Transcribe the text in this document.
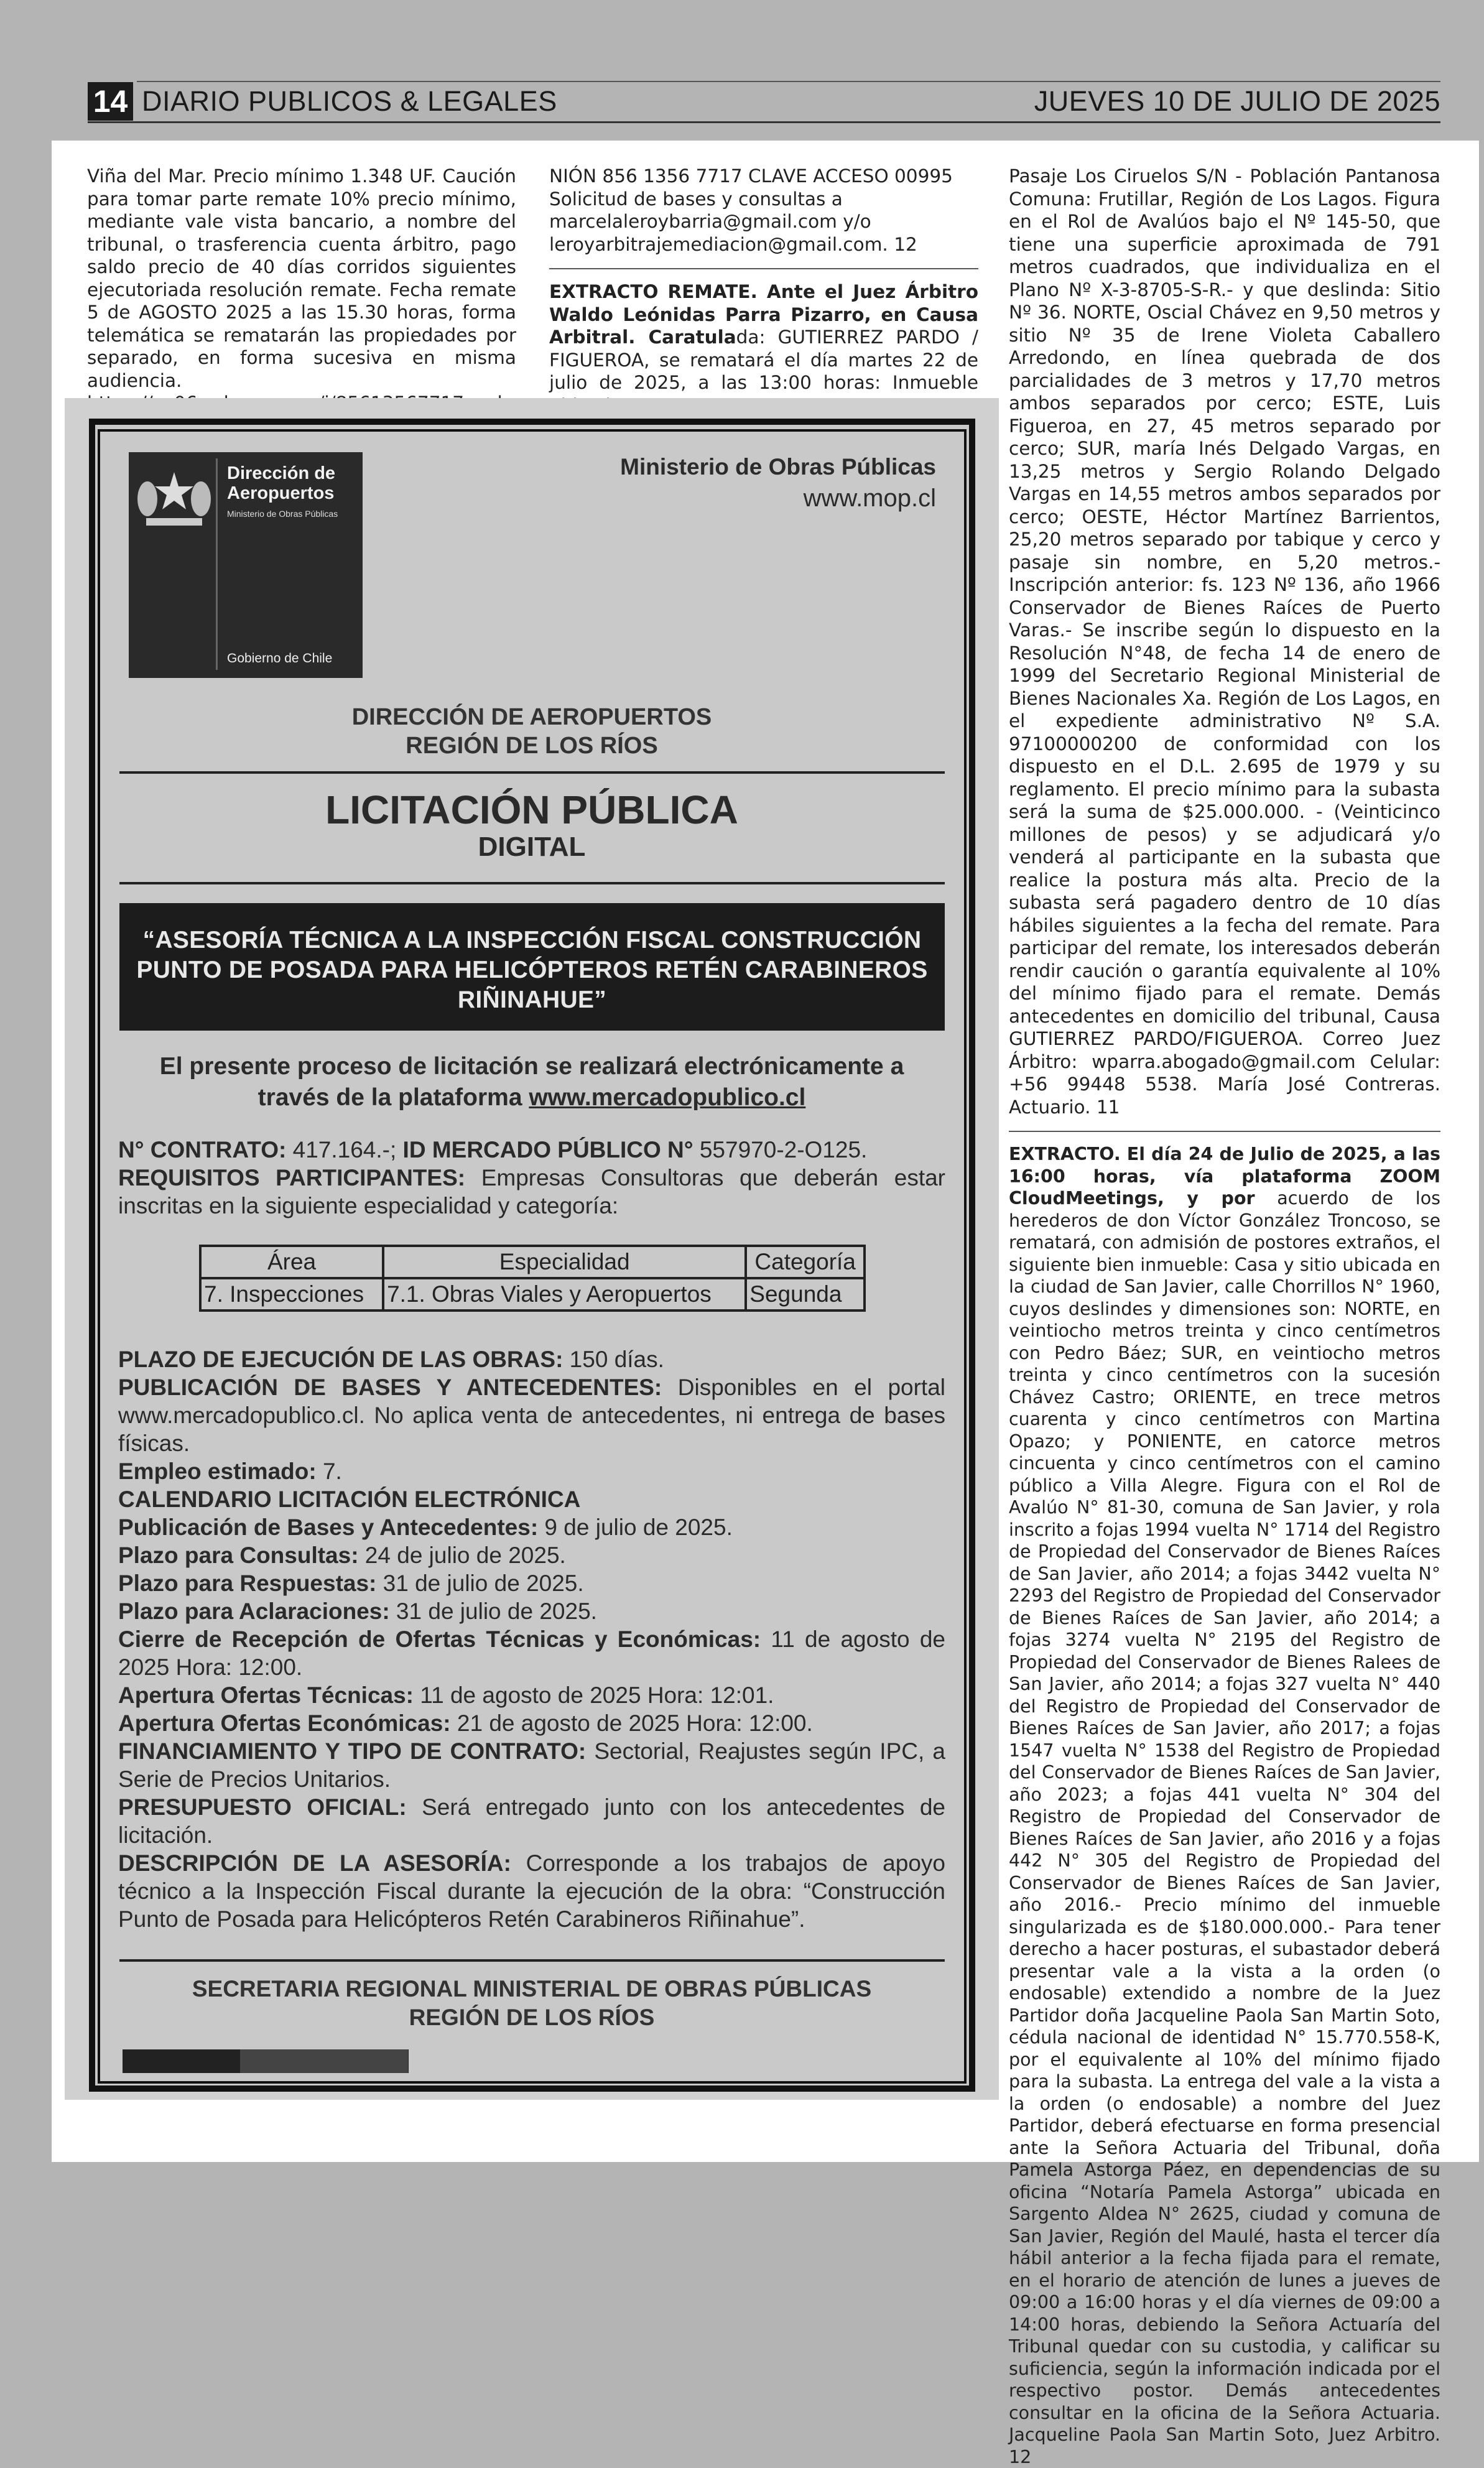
14 DIARIO PUBLICOS & LEGALES	JUEVES 10 DE JULIO DE 2025

Viña del Mar. Precio mínimo 1.348 UF. Caución para tomar parte remate 10% precio mínimo, mediante vale vista bancario, a nombre del tribunal, o trasferencia cuenta árbitro, pago saldo precio de 40 días corridos siguientes ejecutoriada resolución remate. Fecha remate 5 de AGOSTO 2025 a las 15.30 horas, forma telemática se rematarán las propiedades por separado, en forma sucesiva en misma audiencia.

NIÓN 856 1356 7717 CLAVE ACCESO 00995 Solicitud de bases y consultas a marcelaleroybarria@gmail.com y/o leroyarbitrajemediacion@gmail.com. 12

EXTRACTO REMATE. Ante el Juez Árbitro Waldo Leónidas Parra Pizarro, en Causa Arbitral. Caratulada: GUTIERREZ PARDO / FIGUEROA, se rematará el día martes 22 de julio de 2025, a las 13:00 horas: Inmueble

Pasaje Los Ciruelos S/N - Población Pantanosa Comuna: Frutillar, Región de Los Lagos. Figura en el Rol de Avalúos bajo el Nº 145-50, que tiene una superficie aproximada de 791 metros cuadrados, que individualiza en el Plano Nº X-3-8705-S-R.- y que deslinda: Sitio Nº 36. NORTE, Oscial Chávez en 9,50 metros y sitio Nº 35 de Irene Violeta Caballero Arredondo, en línea quebrada de dos parcialidades de 3 metros y 17,70 metros ambos separados por cerco; ESTE, Luis Figueroa, en 27, 45 metros separado por cerco; SUR, maría Inés Delgado Vargas, en 13,25 metros y Sergio Rolando Delgado Vargas en 14,55 metros ambos separados por cerco; OESTE, Héctor Martínez Barrientos, 25,20 metros separado por tabique y cerco y pasaje sin nombre, en 5,20 metros.- Inscripción anterior: fs. 123 Nº 136, año 1966 Conservador de Bienes Raíces de Puerto Varas.- Se inscribe según lo dispuesto en la Resolución N°48, de fecha 14 de enero de 1999 del Secretario Regional Ministerial de Bienes Nacionales Xa. Región de Los Lagos, en el expediente administrativo Nº S.A. 97100000200 de conformidad con los dispuesto en el D.L. 2.695 de 1979 y su reglamento. El precio mínimo para la subasta será la suma de $25.000.000. - (Veinticinco millones de pesos) y se adjudicará y/o venderá al participante en la subasta que realice la postura más alta. Precio de la subasta será pagadero dentro de 10 días hábiles siguientes a la fecha del remate. Para participar del remate, los interesados deberán rendir caución o garantía equivalente al 10% del mínimo fijado para el remate. Demás antecedentes en domicilio del tribunal, Causa GUTIERREZ PARDO/FIGUEROA. Correo Juez Árbitro: wparra.abogado@gmail.com Celular: +56 99448 5538. María José Contreras. Actuario. 11

EXTRACTO. El día 24 de Julio de 2025, a las 16:00 horas, vía plataforma ZOOM CloudMeetings, y por acuerdo de los herederos de don Víctor González Troncoso, se rematará, con admisión de postores extraños, el siguiente bien inmueble: Casa y sitio ubicada en la ciudad de San Javier, calle Chorrillos N° 1960, cuyos deslindes y dimensiones son: NORTE, en veintiocho metros treinta y cinco centímetros con Pedro Báez; SUR, en veintiocho metros treinta y cinco centímetros con la sucesión Chávez Castro; ORIENTE, en trece metros cuarenta y cinco centímetros con Martina Opazo; y PONIENTE, en catorce metros cincuenta y cinco centímetros con el camino público a Villa Alegre. Figura con el Rol de Avalúo N° 81-30, comuna de San Javier, y rola inscrito a fojas 1994 vuelta N° 1714 del Registro de Propiedad del Conservador de Bienes Raíces de San Javier, año 2014; a fojas 3442 vuelta N° 2293 del Registro de Propiedad del Conservador de Bienes Raíces de San Javier, año 2014; a fojas 3274 vuelta N° 2195 del Registro de Propiedad del Conservador de Bienes Ralees de San Javier, año 2014; a fojas 327 vuelta N° 440 del Registro de Propiedad del Conservador de Bienes Raíces de San Javier, año 2017; a fojas 1547 vuelta N° 1538 del Registro de Propiedad del Conservador de Bienes Raíces de San Javier, año 2023; a fojas 441 vuelta N° 304 del Registro de Propiedad del Conservador de Bienes Raíces de San Javier, año 2016 y a fojas 442 N° 305 del Registro de Propiedad del Conservador de Bienes Raíces de San Javier, año 2016.- Precio mínimo del inmueble singularizada es de $180.000.000.- Para tener derecho a hacer posturas, el subastador deberá presentar vale a la vista a la orden (o endosable) extendido a nombre de la Juez Partidor doña Jacqueline Paola San Martin Soto, cédula nacional de identidad N° 15.770.558-K, por el equivalente al 10% del mínimo fijado para la subasta. La entrega del vale a la vista a la orden (o endosable) a nombre del Juez Partidor, deberá efectuarse en forma presencial ante la Señora Actuaria del Tribunal, doña Pamela Astorga Páez, en dependencias de su oficina “Notaría Pamela Astorga” ubicada en Sargento Aldea N° 2625, ciudad y comuna de San Javier, Región del Maulé, hasta el tercer día hábil anterior a la fecha fijada para el remate, en el horario de atención de lunes a jueves de 09:00 a 16:00 horas y el día viernes de 09:00 a 14:00 horas, debiendo la Señora Actuaría del Tribunal quedar con su custodia, y calificar su suficiencia, según la información indicada por el respectivo postor. Demás antecedentes consultar en la oficina de la Señora Actuaria. Jacqueline Paola San Martin Soto, Juez Arbitro. 12

Dirección de
Aeropuertos
Ministerio de Obras Públicas
Gobierno de Chile
Ministerio de Obras Públicas
www.mop.cl
DIRECCIÓN DE AEROPUERTOS
REGIÓN DE LOS RÍOS
LICITACIÓN PÚBLICA
DIGITAL
“ASESORÍA TÉCNICA A LA INSPECCIÓN FISCAL CONSTRUCCIÓN
PUNTO DE POSADA PARA HELICÓPTEROS RETÉN CARABINEROS
RIÑINAHUE”
El presente proceso de licitación se realizará electrónicamente a
través de la plataforma www.mercadopublico.cl

N° CONTRATO: 417.164.-; ID MERCADO PÚBLICO N° 557970-2-O125.

REQUISITOS PARTICIPANTES: Empresas Consultoras que deberán estar inscritas en la siguiente especialidad y categoría:

Área	Especialidad	Categoría
7. Inspecciones	7.1. Obras Viales y Aeropuertos	Segunda

PLAZO DE EJECUCIÓN DE LAS OBRAS: 150 días.

PUBLICACIÓN DE BASES Y ANTECEDENTES: Disponibles en el portal www.mercadopublico.cl. No aplica venta de antecedentes, ni entrega de bases físicas.

Empleo estimado: 7.

CALENDARIO LICITACIÓN ELECTRÓNICA

Publicación de Bases y Antecedentes: 9 de julio de 2025.

Plazo para Consultas: 24 de julio de 2025.

Plazo para Respuestas: 31 de julio de 2025.

Plazo para Aclaraciones: 31 de julio de 2025.

Cierre de Recepción de Ofertas Técnicas y Económicas: 11 de agosto de 2025 Hora: 12:00.

Apertura Ofertas Técnicas: 11 de agosto de 2025 Hora: 12:01.

Apertura Ofertas Económicas: 21 de agosto de 2025 Hora: 12:00.

FINANCIAMIENTO Y TIPO DE CONTRATO: Sectorial, Reajustes según IPC, a Serie de Precios Unitarios.

PRESUPUESTO OFICIAL: Será entregado junto con los antecedentes de licitación.

DESCRIPCIÓN DE LA ASESORÍA: Corresponde a los trabajos de apoyo técnico a la Inspección Fiscal durante la ejecución de la obra: “Construcción Punto de Posada para Helicópteros Retén Carabineros Riñinahue”.

SECRETARIA REGIONAL MINISTERIAL DE OBRAS PÚBLICAS
REGIÓN DE LOS RÍOS
